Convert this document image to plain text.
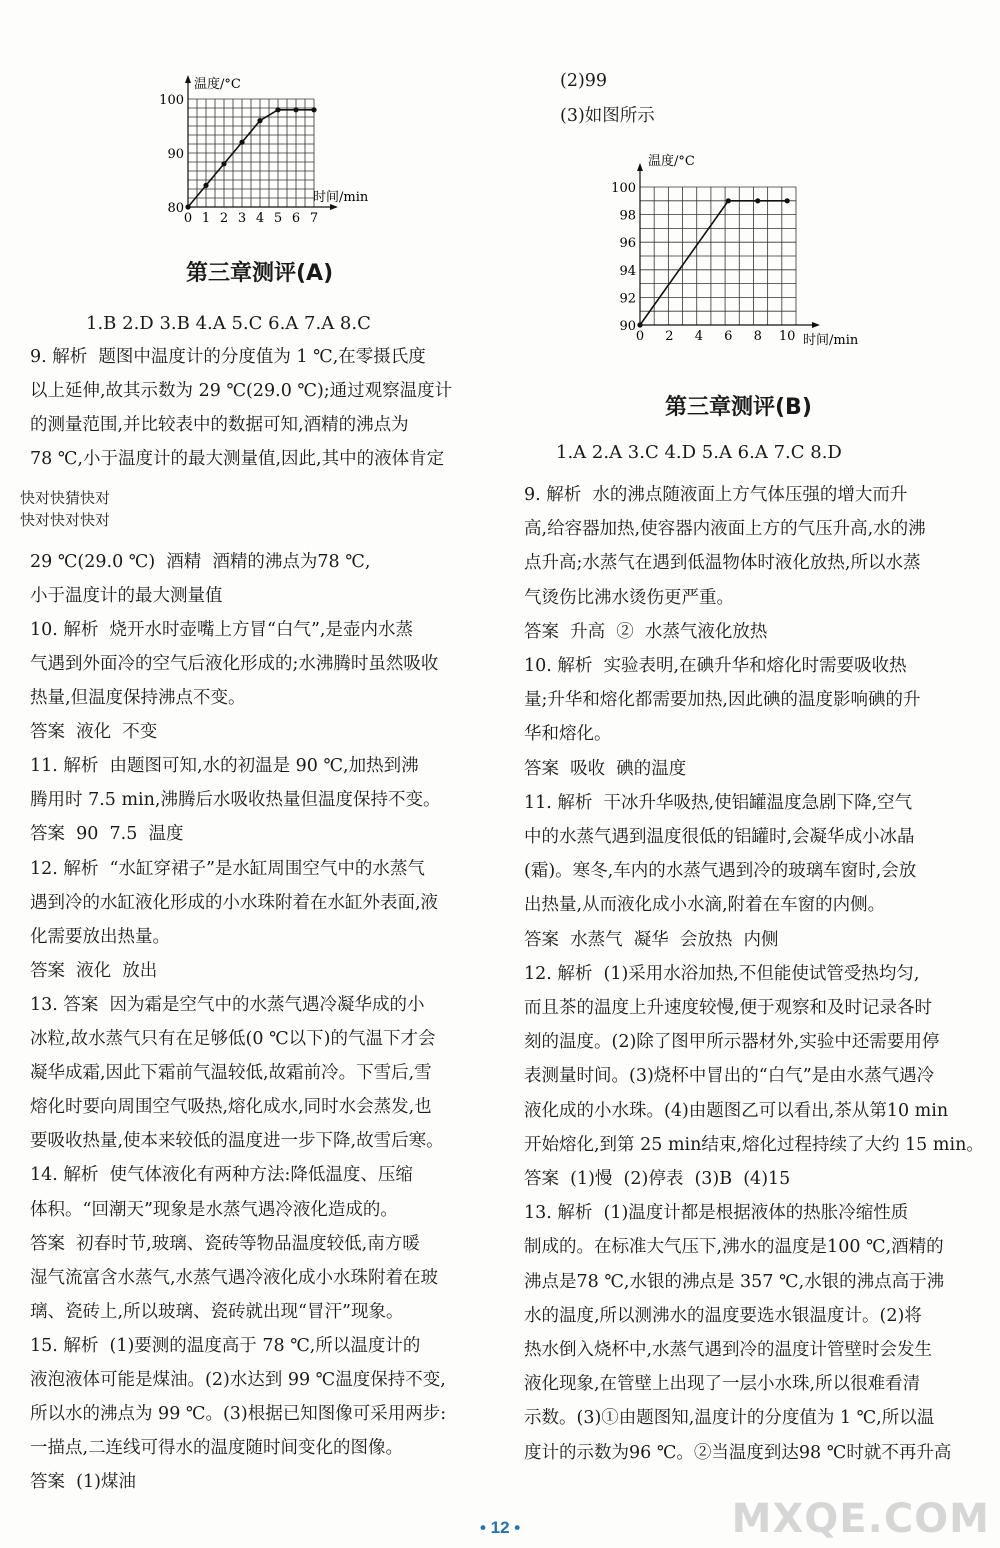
80
90
100
0 1 2 3 4 5 6 7
温度/°C
时间/min
90
92
94
96
98
100
0 2 4 6 8 10
温度/°C
时间/min
第三章测评(A)
1.B 2.D 3.B 4.A 5.C 6.A 7.A 8.C
9. 解析  题图中温度计的分度值为 1 ℃,在零摄氏度
以上延伸,故其示数为 29 ℃(29.0 ℃);通过观察温度计
的测量范围,并比较表中的数据可知,酒精的沸点为
78 ℃,小于温度计的最大测量值,因此,其中的液体肯定
29 ℃(29.0 ℃)  酒精  酒精的沸点为78 ℃,
小于温度计的最大测量值
10. 解析  烧开水时壶嘴上方冒“白气”,是壶内水蒸
气遇到外面冷的空气后液化形成的;水沸腾时虽然吸收
热量,但温度保持沸点不变。
答案  液化  不变
11. 解析  由题图可知,水的初温是 90 ℃,加热到沸
腾用时 7.5 min,沸腾后水吸收热量但温度保持不变。
答案  90  7.5  温度
12. 解析  “水缸穿裙子”是水缸周围空气中的水蒸气
遇到冷的水缸液化形成的小水珠附着在水缸外表面,液
化需要放出热量。
答案  液化  放出
13. 答案  因为霜是空气中的水蒸气遇冷凝华成的小
冰粒,故水蒸气只有在足够低(0 ℃以下)的气温下才会
凝华成霜,因此下霜前气温较低,故霜前冷。下雪后,雪
熔化时要向周围空气吸热,熔化成水,同时水会蒸发,也
要吸收热量,使本来较低的温度进一步下降,故雪后寒。
14. 解析  使气体液化有两种方法:降低温度、压缩
体积。“回潮天”现象是水蒸气遇冷液化造成的。
答案  初春时节,玻璃、瓷砖等物品温度较低,南方暖
湿气流富含水蒸气,水蒸气遇冷液化成小水珠附着在玻
璃、瓷砖上,所以玻璃、瓷砖就出现“冒汗”现象。
15. 解析  (1)要测的温度高于 78 ℃,所以温度计的
液泡液体可能是煤油。(2)水达到 99 ℃温度保持不变,
所以水的沸点为 99 ℃。(3)根据已知图像可采用两步:
一描点,二连线可得水的温度随时间变化的图像。
答案  (1)煤油
快对快猜快对
快对快对快对
(2)99
(3)如图所示
第三章测评(B)
1.A 2.A 3.C 4.D 5.A 6.A 7.C 8.D
9. 解析  水的沸点随液面上方气体压强的增大而升
高,给容器加热,使容器内液面上方的气压升高,水的沸
点升高;水蒸气在遇到低温物体时液化放热,所以水蒸
气烫伤比沸水烫伤更严重。
答案  升高  ②  水蒸气液化放热
10. 解析  实验表明,在碘升华和熔化时需要吸收热
量;升华和熔化都需要加热,因此碘的温度影响碘的升
华和熔化。
答案  吸收  碘的温度
11. 解析  干冰升华吸热,使铝罐温度急剧下降,空气
中的水蒸气遇到温度很低的铝罐时,会凝华成小冰晶
(霜)。寒冬,车内的水蒸气遇到冷的玻璃车窗时,会放
出热量,从而液化成小水滴,附着在车窗的内侧。
答案  水蒸气  凝华  会放热  内侧
12. 解析  (1)采用水浴加热,不但能使试管受热均匀,
而且茶的温度上升速度较慢,便于观察和及时记录各时
刻的温度。(2)除了图甲所示器材外,实验中还需要用停
表测量时间。(3)烧杯中冒出的“白气”是由水蒸气遇冷
液化成的小水珠。(4)由题图乙可以看出,茶从第10 min
开始熔化,到第 25 min结束,熔化过程持续了大约 15 min。
答案  (1)慢  (2)停表  (3)B  (4)15
13. 解析  (1)温度计都是根据液体的热胀冷缩性质
制成的。在标准大气压下,沸水的温度是100 ℃,酒精的
沸点是78 ℃,水银的沸点是 357 ℃,水银的沸点高于沸
水的温度,所以测沸水的温度要选水银温度计。(2)将
热水倒入烧杯中,水蒸气遇到冷的温度计管壁时会发生
液化现象,在管壁上出现了一层小水珠,所以很难看清
示数。(3)①由题图知,温度计的分度值为 1 ℃,所以温
度计的示数为96 ℃。②当温度到达98 ℃时就不再升高
• 12 •	MXQE.COM
